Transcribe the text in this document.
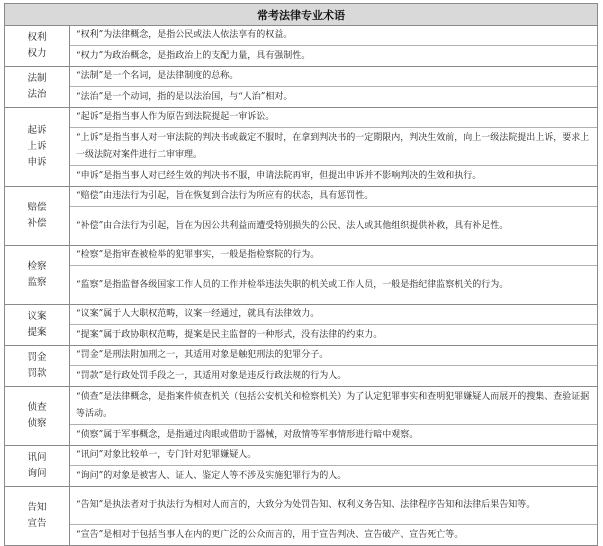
常考法律专业术语
权利
权力
“权利”为法律概念，是指公民或法人依法享有的权益。
“权力”为政治概念，是指政治上的支配力量，具有强制性。
法制
法治
“法制”是一个名词，是法律制度的总称。
“法治”是一个动词，指的是以法治国，与“人治”相对。
起诉
上诉
申诉
“起诉”是指当事人作为原告到法院提起一审诉讼。
“上诉”是指当事人对一审法院的判决书或裁定不服时，在拿到判决书的一定期限内，判决生效前，向上一级法院提出上诉，要求上一级法院对案件进行二审审理。
“申诉”是指当事人对已经生效的判决书不服，申请法院再审，但提出申诉并不影响判决的生效和执行。
赔偿
补偿
“赔偿”由违法行为引起，旨在恢复到合法行为所应有的状态，具有惩罚性。
“补偿”由合法行为引起，旨在为因公共利益而遭受特别损失的公民、法人或其他组织提供补救，具有补足性。
检察
监察
“检察”是指审查被检举的犯罪事实，一般是指检察院的行为。
“监察”是指监督各级国家工作人员的工作并检举违法失职的机关或工作人员，一般是指纪律监察机关的行为。
议案
提案
“议案”属于人大职权范畴，议案一经通过，就具有法律效力。
“提案”属于政协职权范畴，提案是民主监督的一种形式，没有法律的约束力。
罚金
罚款
“罚金”是刑法附加刑之一，其适用对象是触犯刑法的犯罪分子。
“罚款”是行政处罚手段之一，其适用对象是违反行政法规的行为人。
侦查
侦察
“侦查”是法律概念，是指案件侦查机关（包括公安机关和检察机关）为了认定犯罪事实和查明犯罪嫌疑人而展开的搜集、查验证据等活动。
“侦察”属于军事概念，是指通过肉眼或借助于器械，对敌情等军事情形进行暗中观察。
讯问
询问
“讯问”对象比较单一，专门针对犯罪嫌疑人。
“询问”的对象是被害人、证人、鉴定人等不涉及实施犯罪行为的人。
告知
宣告
“告知”是执法者对于执法行为相对人而言的，大致分为处罚告知、权利义务告知、法律程序告知和法律后果告知等。
“宣告”是相对于包括当事人在内的更广泛的公众而言的，用于宣告判决、宣告破产、宣告死亡等。
